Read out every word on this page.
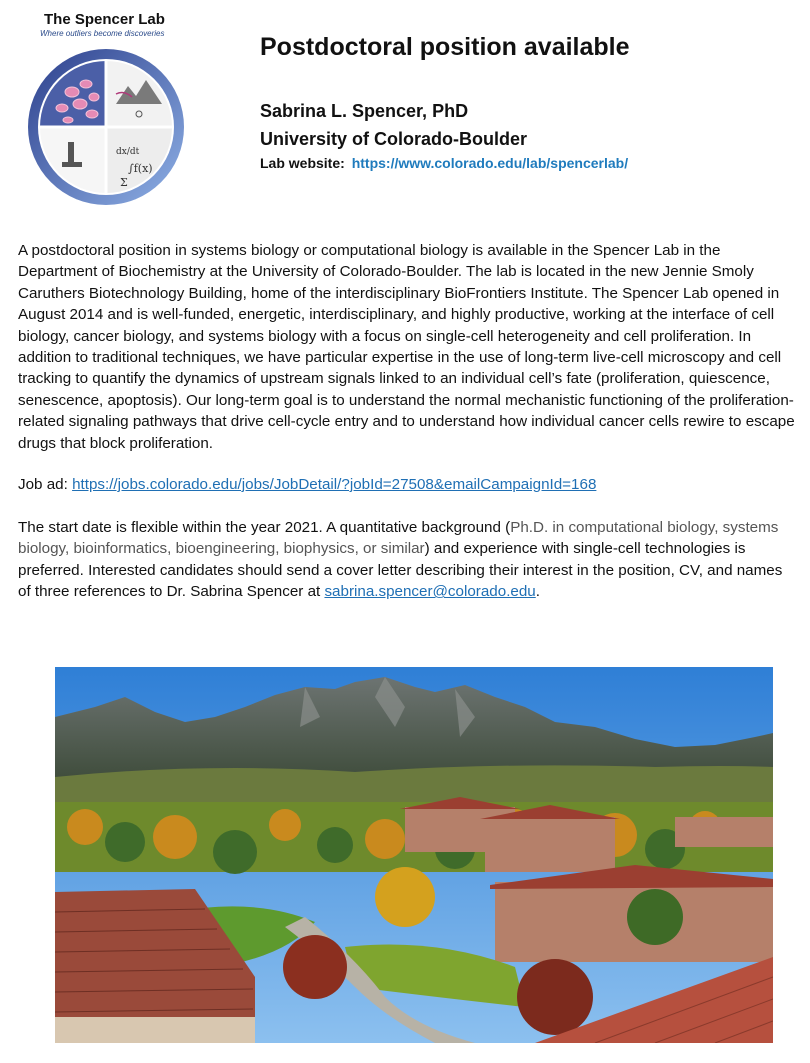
The Spencer Lab
Where outliers become discoveries
dx/dt
∫f(x)
Σ
Postdoctoral position available
Sabrina L. Spencer, PhD
University of Colorado-Boulder
Lab website: https://www.colorado.edu/lab/spencerlab/

A postdoctoral position in systems biology or computational biology is available in the Spencer Lab in the Department of Biochemistry at the University of Colorado-Boulder. The lab is located in the new Jennie Smoly Caruthers Biotechnology Building, home of the interdisciplinary BioFrontiers Institute. The Spencer Lab opened in August 2014 and is well-funded, energetic, interdisciplinary, and highly productive, working at the interface of cell biology, cancer biology, and systems biology with a focus on single-cell heterogeneity and cell proliferation. In addition to traditional techniques, we have particular expertise in the use of long-term live-cell microscopy and cell tracking to quantify the dynamics of upstream signals linked to an individual cell’s fate (proliferation, quiescence, senescence, apoptosis). Our long-term goal is to understand the normal mechanistic functioning of the proliferation-related signaling pathways that drive cell-cycle entry and to understand how individual cancer cells rewire to escape drugs that block proliferation.

Job ad: https://jobs.colorado.edu/jobs/JobDetail/?jobId=27508&emailCampaignId=168

The start date is flexible within the year 2021. A quantitative background (Ph.D. in computational biology, systems biology, bioinformatics, bioengineering, biophysics, or similar) and experience with single-cell technologies is preferred. Interested candidates should send a cover letter describing their interest in the position, CV, and names of three references to Dr. Sabrina Spencer at sabrina.spencer@colorado.edu.
